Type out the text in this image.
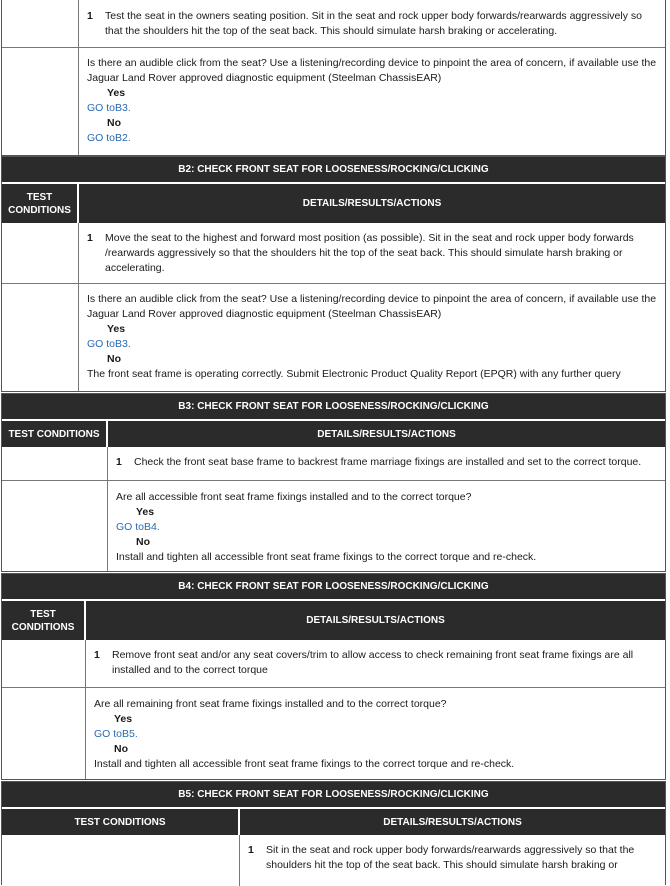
1	Test the seat in the owners seating position. Sit in the seat and rock upper body forwards/rearwards aggressively so that the shoulders hit the top of the seat back. This should simulate harsh braking or accelerating.
Is there an audible click from the seat? Use a listening/recording device to pinpoint the area of concern, if available use the Jaguar Land Rover approved diagnostic equipment (Steelman ChassisEAR)
Yes
GO toB3.
No
GO toB2.
B2: CHECK FRONT SEAT FOR LOOSENESS/ROCKING/CLICKING
TEST CONDITIONS
DETAILS/RESULTS/ACTIONS
1	Move the seat to the highest and forward most position (as possible). Sit in the seat and rock upper body forwards /rearwards aggressively so that the shoulders hit the top of the seat back. This should simulate harsh braking or accelerating.
Is there an audible click from the seat? Use a listening/recording device to pinpoint the area of concern, if available use the Jaguar Land Rover approved diagnostic equipment (Steelman ChassisEAR)
Yes
GO toB3.
No
The front seat frame is operating correctly. Submit Electronic Product Quality Report (EPQR) with any further query
B3: CHECK FRONT SEAT FOR LOOSENESS/ROCKING/CLICKING
TEST CONDITIONS	DETAILS/RESULTS/ACTIONS
1	Check the front seat base frame to backrest frame marriage fixings are installed and set to the correct torque.
Are all accessible front seat frame fixings installed and to the correct torque?
Yes
GO toB4.
No
Install and tighten all accessible front seat frame fixings to the correct torque and re-check.
B4: CHECK FRONT SEAT FOR LOOSENESS/ROCKING/CLICKING
TEST CONDITIONS
DETAILS/RESULTS/ACTIONS
1	Remove front seat and/or any seat covers/trim to allow access to check remaining front seat frame fixings are all installed and to the correct torque
Are all remaining front seat frame fixings installed and to the correct torque?
Yes
GO toB5.
No
Install and tighten all accessible front seat frame fixings to the correct torque and re-check.
B5: CHECK FRONT SEAT FOR LOOSENESS/ROCKING/CLICKING
TEST CONDITIONS	DETAILS/RESULTS/ACTIONS
1	Sit in the seat and rock upper body forwards/rearwards aggressively so that the shoulders hit the top of the seat back. This should simulate harsh braking or
